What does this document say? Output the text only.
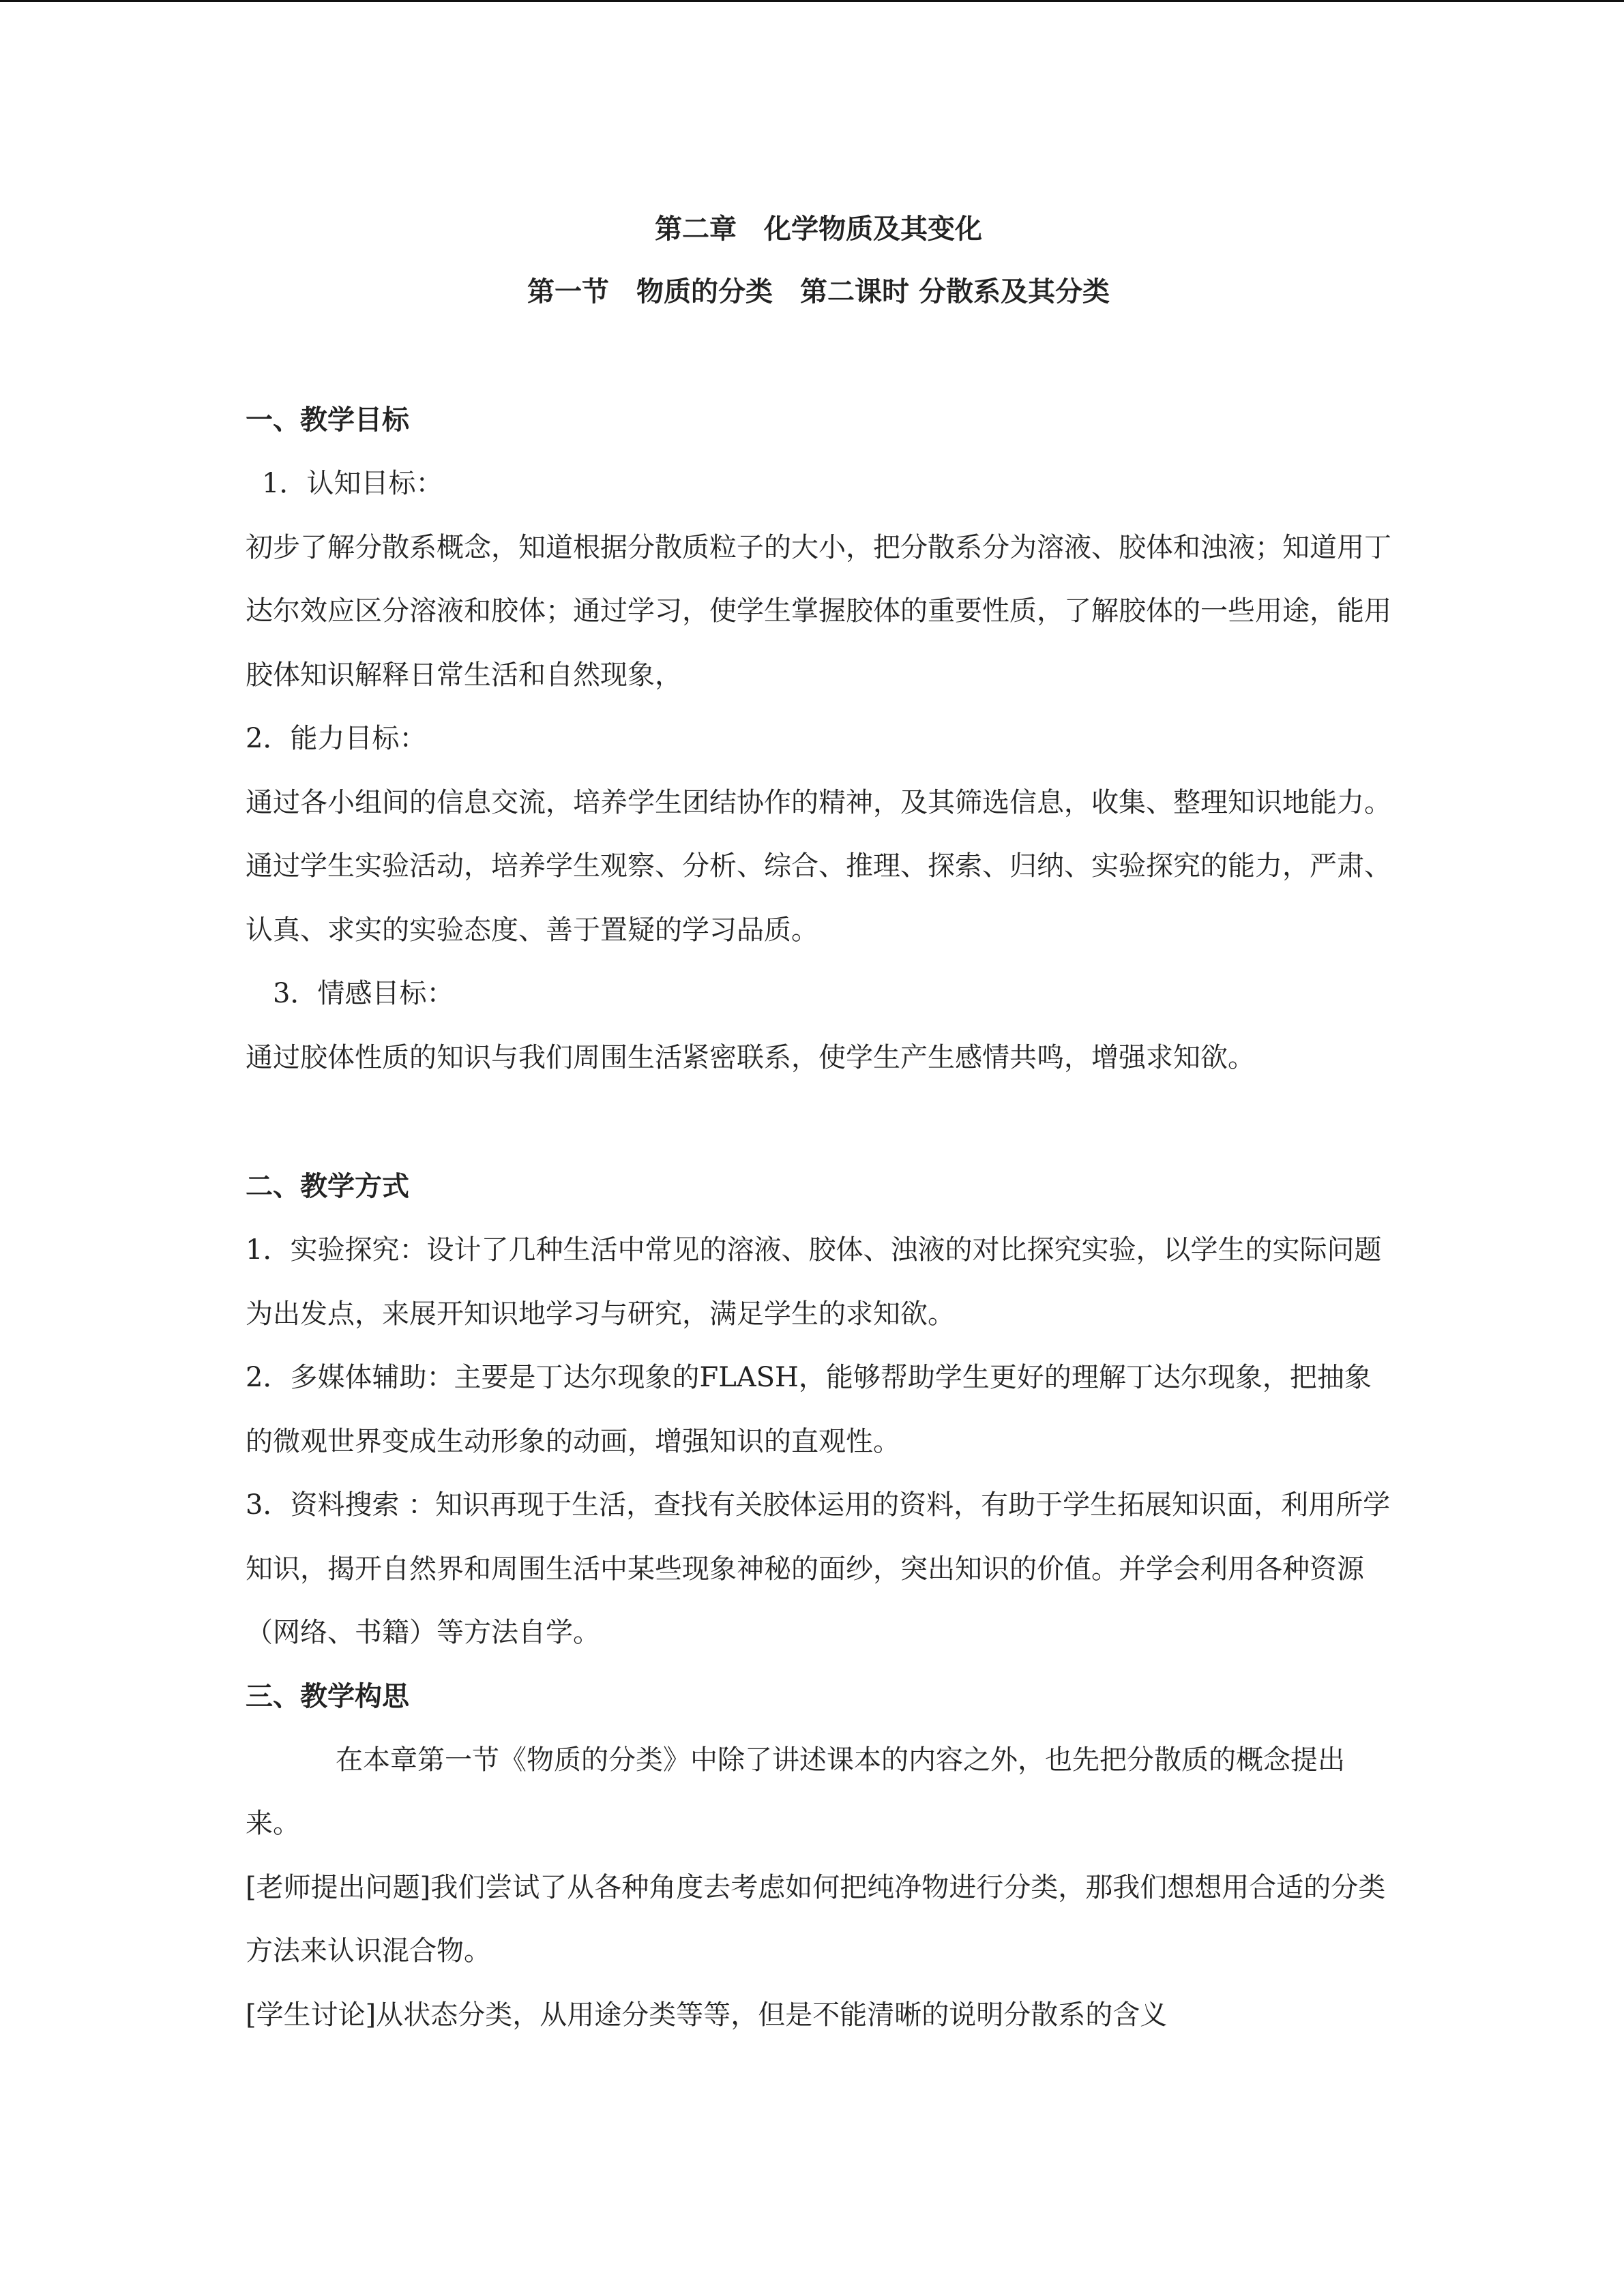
第二章　化学物质及其变化

第一节　物质的分类　第二课时 分散系及其分类

一、教学目标

1．认知目标：

初步了解分散系概念，知道根据分散质粒子的大小，把分散系分为溶液、胶体和浊液；知道用丁达尔效应区分溶液和胶体；通过学习，使学生掌握胶体的重要性质，了解胶体的一些用途，能用胶体知识解释日常生活和自然现象，

2．能力目标：

通过各小组间的信息交流，培养学生团结协作的精神，及其筛选信息，收集、整理知识地能力。

通过学生实验活动，培养学生观察、分析、综合、推理、探索、归纳、实验探究的能力，严肃、认真、求实的实验态度、善于置疑的学习品质。

3．情感目标：

通过胶体性质的知识与我们周围生活紧密联系，使学生产生感情共鸣，增强求知欲。

二、教学方式

1．实验探究：设计了几种生活中常见的溶液、胶体、浊液的对比探究实验，以学生的实际问题为出发点，来展开知识地学习与研究，满足学生的求知欲。

2．多媒体辅助：主要是丁达尔现象的FLASH，能够帮助学生更好的理解丁达尔现象，把抽象的微观世界变成生动形象的动画，增强知识的直观性。

3．资料搜索 ：知识再现于生活，查找有关胶体运用的资料，有助于学生拓展知识面，利用所学知识，揭开自然界和周围生活中某些现象神秘的面纱，突出知识的价值。并学会利用各种资源（网络、书籍）等方法自学。

三、教学构思

在本章第一节《物质的分类》中除了讲述课本的内容之外，也先把分散质的概念提出来。

[老师提出问题]我们尝试了从各种角度去考虑如何把纯净物进行分类，那我们想想用合适的分类方法来认识混合物。

[学生讨论]从状态分类，从用途分类等等，但是不能清晰的说明分散系的含义
